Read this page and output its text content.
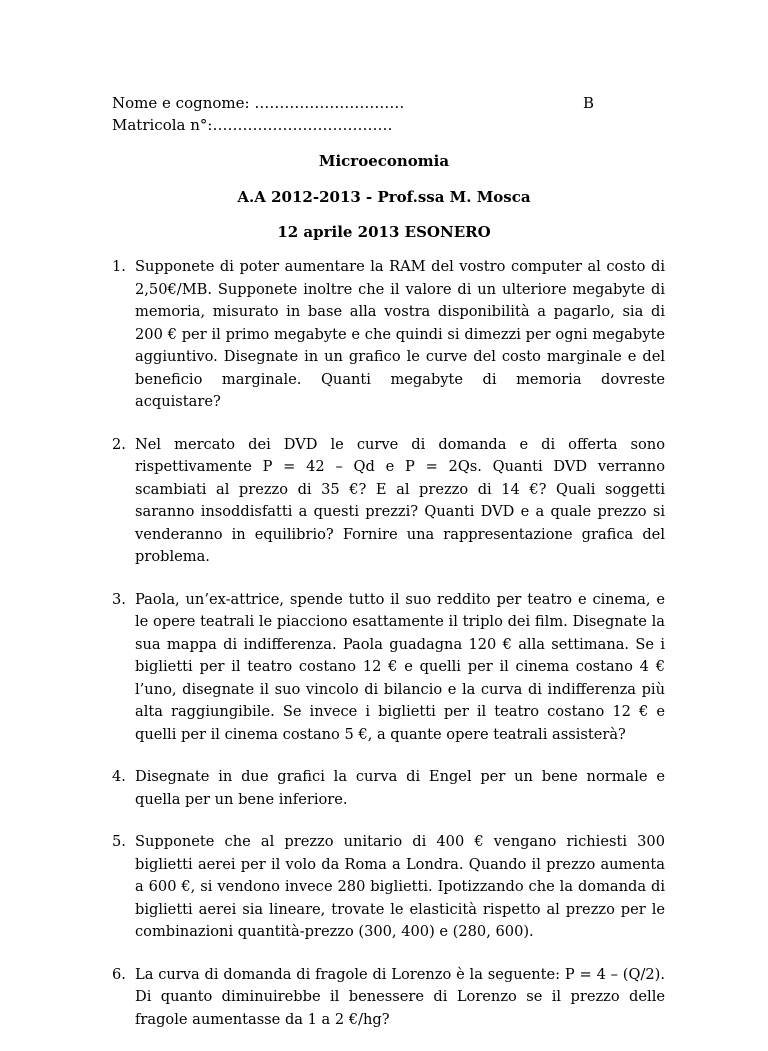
Nome e cognome: …………………………
Matricola n°:………………………………
B
Microeconomia
A.A 2012-2013 - Prof.ssa M. Mosca
12 aprile 2013 ESONERO
1. Supponete di poter aumentare la RAM del vostro computer al costo di 2,50€/MB. Supponete inoltre che il valore di un ulteriore megabyte di memoria, misurato in base alla vostra disponibilità a pagarlo, sia di 200 € per il primo megabyte e che quindi si dimezzi per ogni megabyte aggiuntivo. Disegnate in un grafico le curve del costo marginale e del beneficio marginale. Quanti megabyte di memoria dovreste acquistare?
2. Nel mercato dei DVD le curve di domanda e di offerta sono rispettivamente P = 42 – Qd e P = 2Qs. Quanti DVD verranno scambiati al prezzo di 35 €? E al prezzo di 14 €? Quali soggetti saranno insoddisfatti a questi prezzi? Quanti DVD e a quale prezzo si venderanno in equilibrio? Fornire una rappresentazione grafica del problema.
3. Paola, un’ex-attrice, spende tutto il suo reddito per teatro e cinema, e le opere teatrali le piacciono esattamente il triplo dei film. Disegnate la sua mappa di indifferenza. Paola guadagna 120 € alla settimana. Se i biglietti per il teatro costano 12 € e quelli per il cinema costano 4 € l’uno, disegnate il suo vincolo di bilancio e la curva di indifferenza più alta raggiungibile. Se invece i biglietti per il teatro costano 12 € e quelli per il cinema costano 5 €, a quante opere teatrali assisterà?
4. Disegnate in due grafici la curva di Engel per un bene normale e quella per un bene inferiore.
5. Supponete che al prezzo unitario di 400 € vengano richiesti 300 biglietti aerei per il volo da Roma a Londra. Quando il prezzo aumenta a 600 €, si vendono invece 280 biglietti. Ipotizzando che la domanda di biglietti aerei sia lineare, trovate le elasticità rispetto al prezzo per le combinazioni quantità-prezzo (300, 400) e (280, 600).
6. La curva di domanda di fragole di Lorenzo è la seguente: P = 4 – (Q/2). Di quanto diminuirebbe il benessere di Lorenzo se il prezzo delle fragole aumentasse da 1 a 2 €/hg?
